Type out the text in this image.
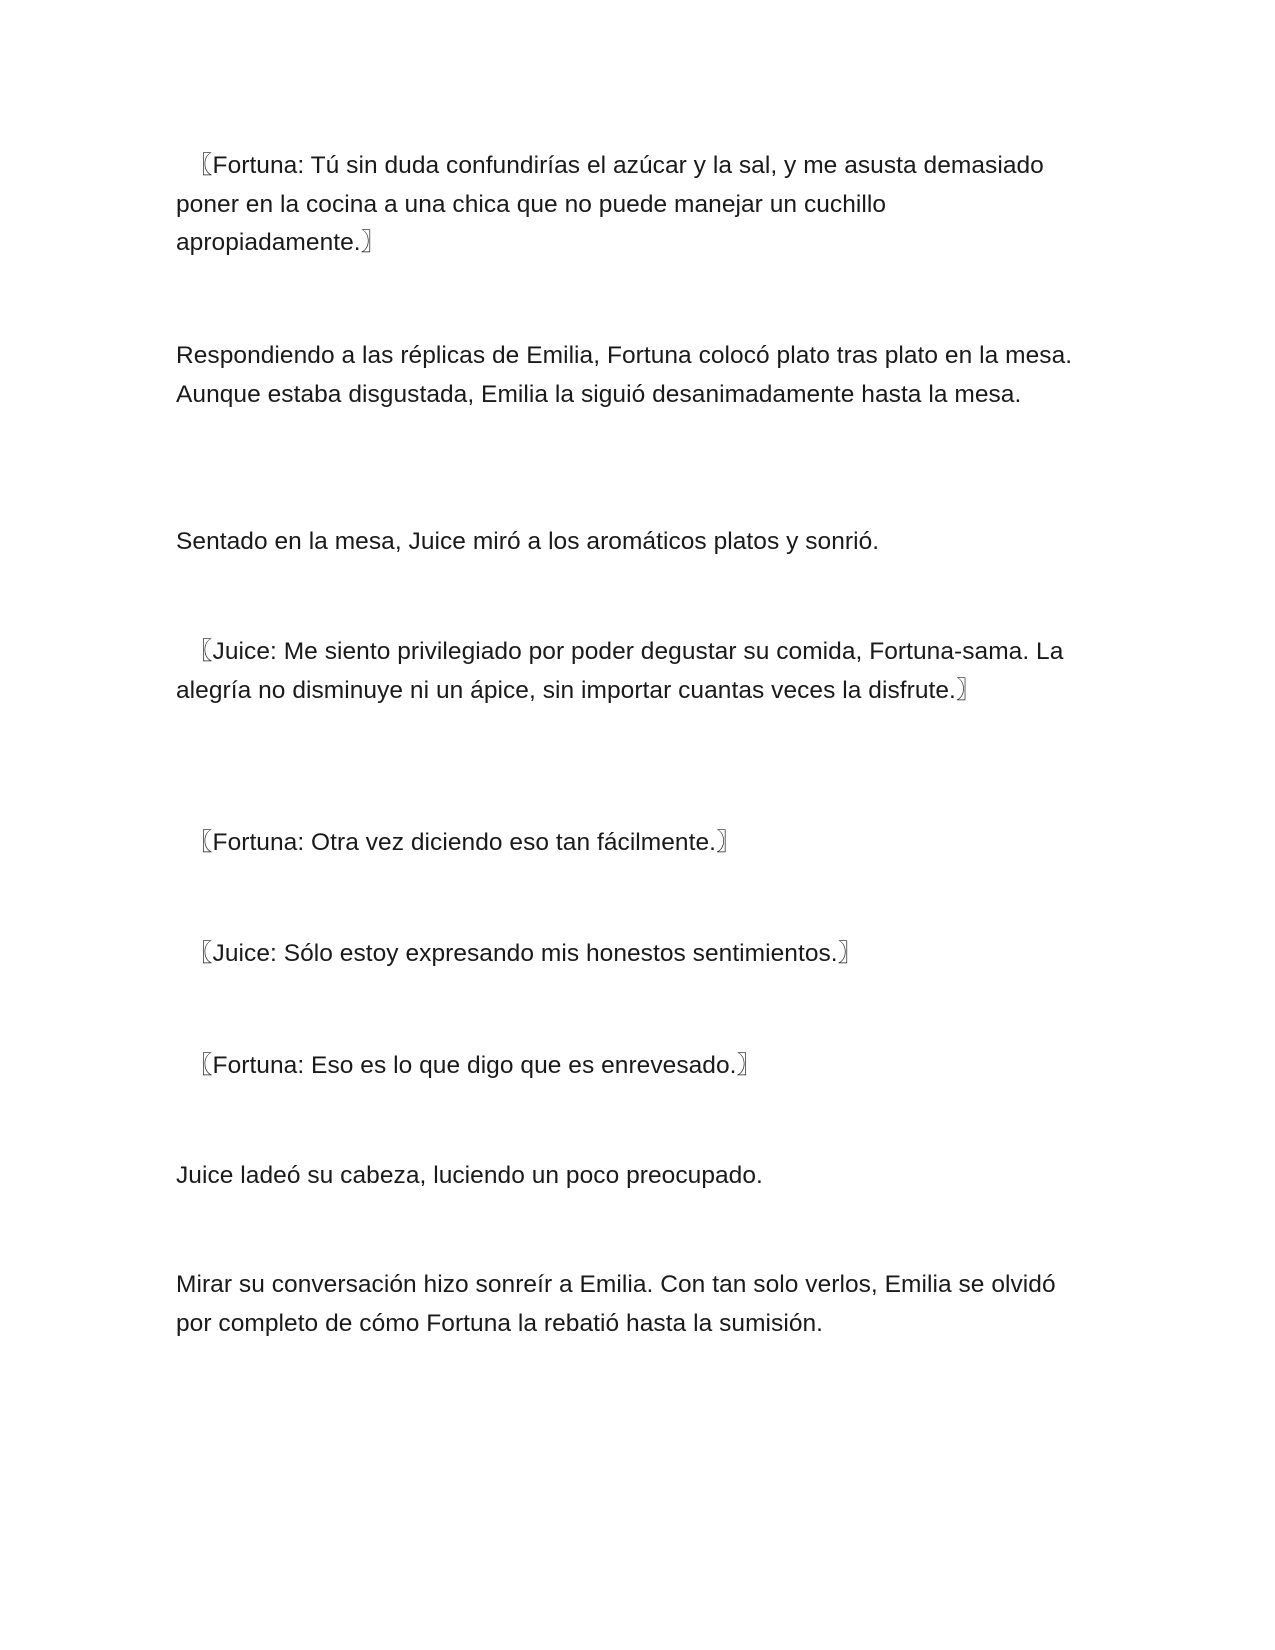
〖Fortuna: Tú sin duda confundirías el azúcar y la sal, y me asusta demasiado poner en la cocina a una chica que no puede manejar un cuchillo apropiadamente.〗

Respondiendo a las réplicas de Emilia, Fortuna colocó plato tras plato en la mesa. Aunque estaba disgustada, Emilia la siguió desanimadamente hasta la mesa.

Sentado en la mesa, Juice miró a los aromáticos platos y sonrió.

〖Juice: Me siento privilegiado por poder degustar su comida, Fortuna-sama. La alegría no disminuye ni un ápice, sin importar cuantas veces la disfrute.〗

〖Fortuna: Otra vez diciendo eso tan fácilmente.〗

〖Juice: Sólo estoy expresando mis honestos sentimientos.〗

〖Fortuna: Eso es lo que digo que es enrevesado.〗

Juice ladeó su cabeza, luciendo un poco preocupado.

Mirar su conversación hizo sonreír a Emilia. Con tan solo verlos, Emilia se olvidó por completo de cómo Fortuna la rebatió hasta la sumisión.
